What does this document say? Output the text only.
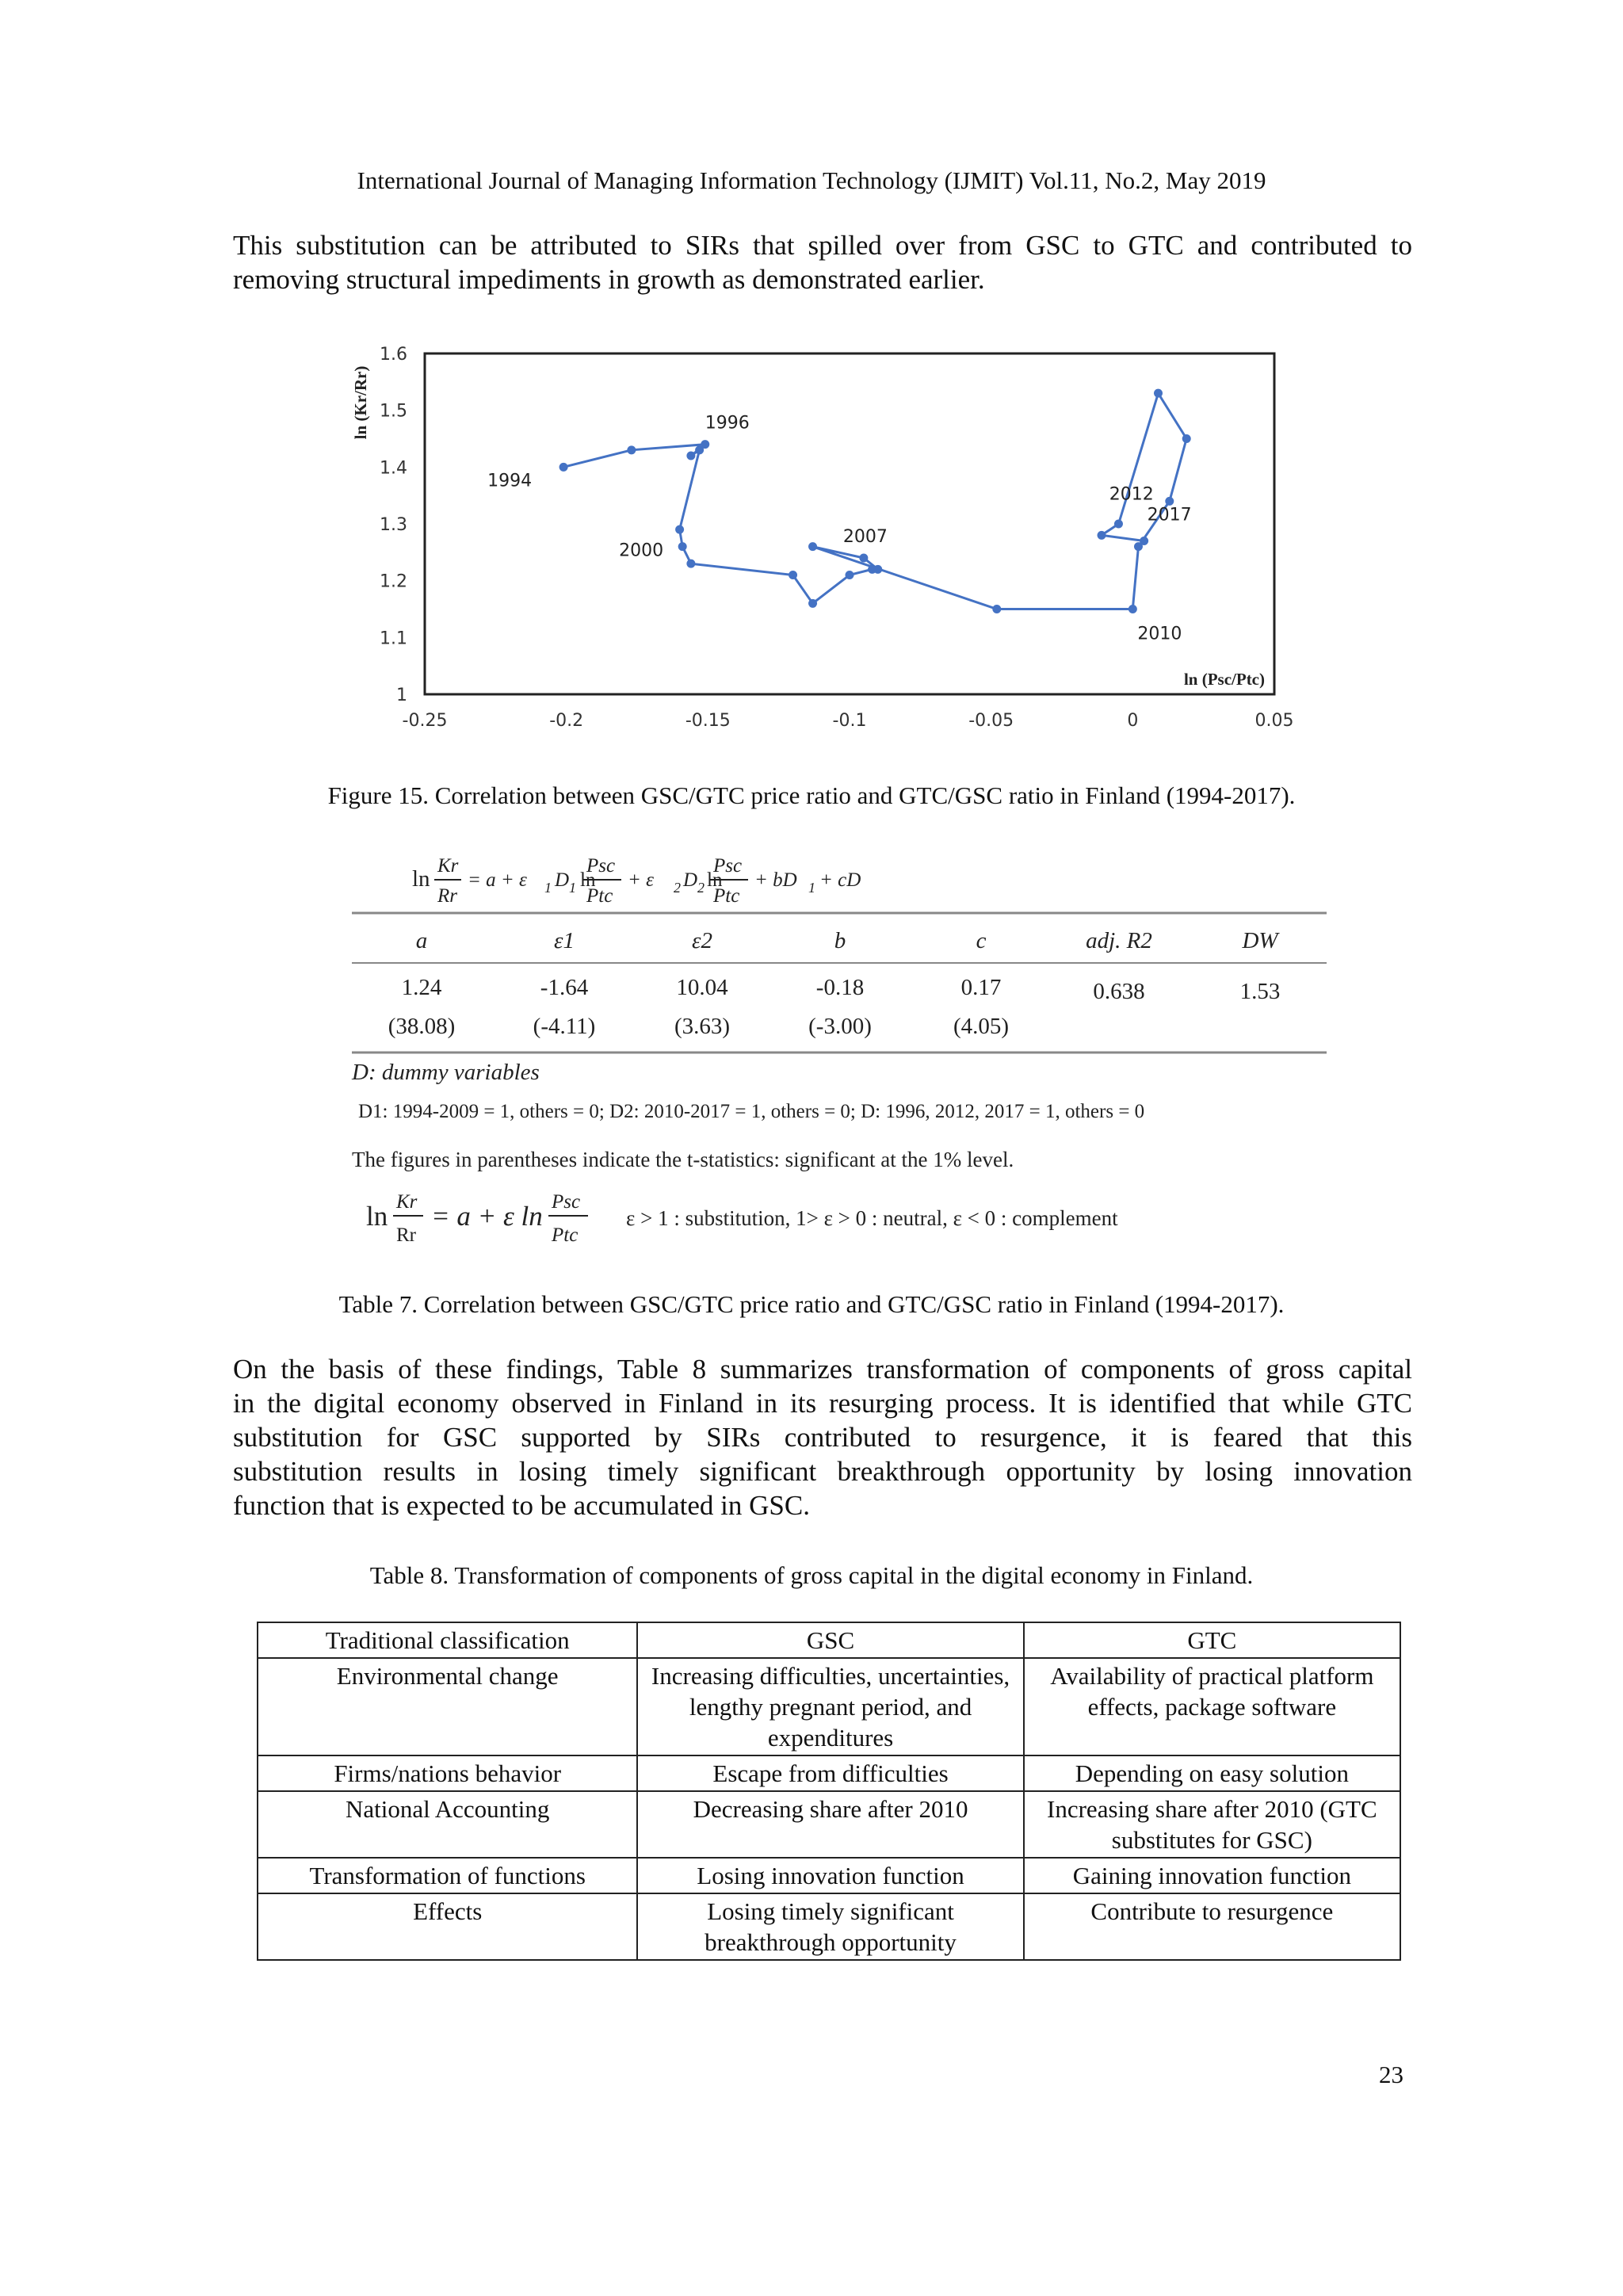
International Journal of Managing Information Technology (IJMIT) Vol.11, No.2, May 2019
This substitution can be attributed to SIRs that spilled over from GSC to GTC and contributed to
removing structural impediments in growth as demonstrated earlier.
-0.25	-0.2	-0.15	-0.1	-0.05	0	0.05
1
1.1
1.2
1.3
1.4
1.5
1.6
ln (Psc/Ptc)
ln (Kr/Rr)
1994
1996
2000
2007
2010
2012
2017
Figure 15. Correlation between GSC/GTC price ratio and GTC/GSC ratio in Finland (1994-2017).
ln
Kr
Rr
= a + ε 1 D 1 ln
Psc
Ptc
+ ε 2 D 2 ln
Psc
Ptc
+ bD 1 + cD
a	ε1	ε2	b	c	adj. R2	DW
1.24	-1.64	10.04	-0.18	0.17	0.638	1.53
(38.08)	(-4.11)	(3.63)	(-3.00)	(4.05)
D: dummy variables
D1: 1994-2009 = 1, others = 0; D2: 2010-2017 = 1, others = 0; D: 1996, 2012, 2017 = 1, others = 0
The figures in parentheses indicate the t-statistics: significant at the 1% level.
ln Kr
Rr
= a + ε ln Psc
Ptc
ε > 1 : substitution, 1> ε > 0 : neutral, ε < 0 : complement
Table 7. Correlation between GSC/GTC price ratio and GTC/GSC ratio in Finland (1994-2017).
On the basis of these findings, Table 8 summarizes transformation of components of gross capital
in the digital economy observed in Finland in its resurging process. It is identified that while GTC
substitution for GSC supported by SIRs contributed to resurgence, it is feared that this
substitution results in losing timely significant breakthrough opportunity by losing innovation
function that is expected to be accumulated in GSC.
Table 8. Transformation of components of gross capital in the digital economy in Finland.
Traditional classification	GSC	GTC
Environmental change	Increasing difficulties, uncertainties, lengthy pregnant period, and expenditures	Availability of practical platform effects, package software
Firms/nations behavior	Escape from difficulties	Depending on easy solution
National Accounting	Decreasing share after 2010	Increasing share after 2010 (GTC substitutes for GSC)
Transformation of functions	Losing innovation function	Gaining innovation function
Effects	Losing timely significant breakthrough opportunity	Contribute to resurgence
23
